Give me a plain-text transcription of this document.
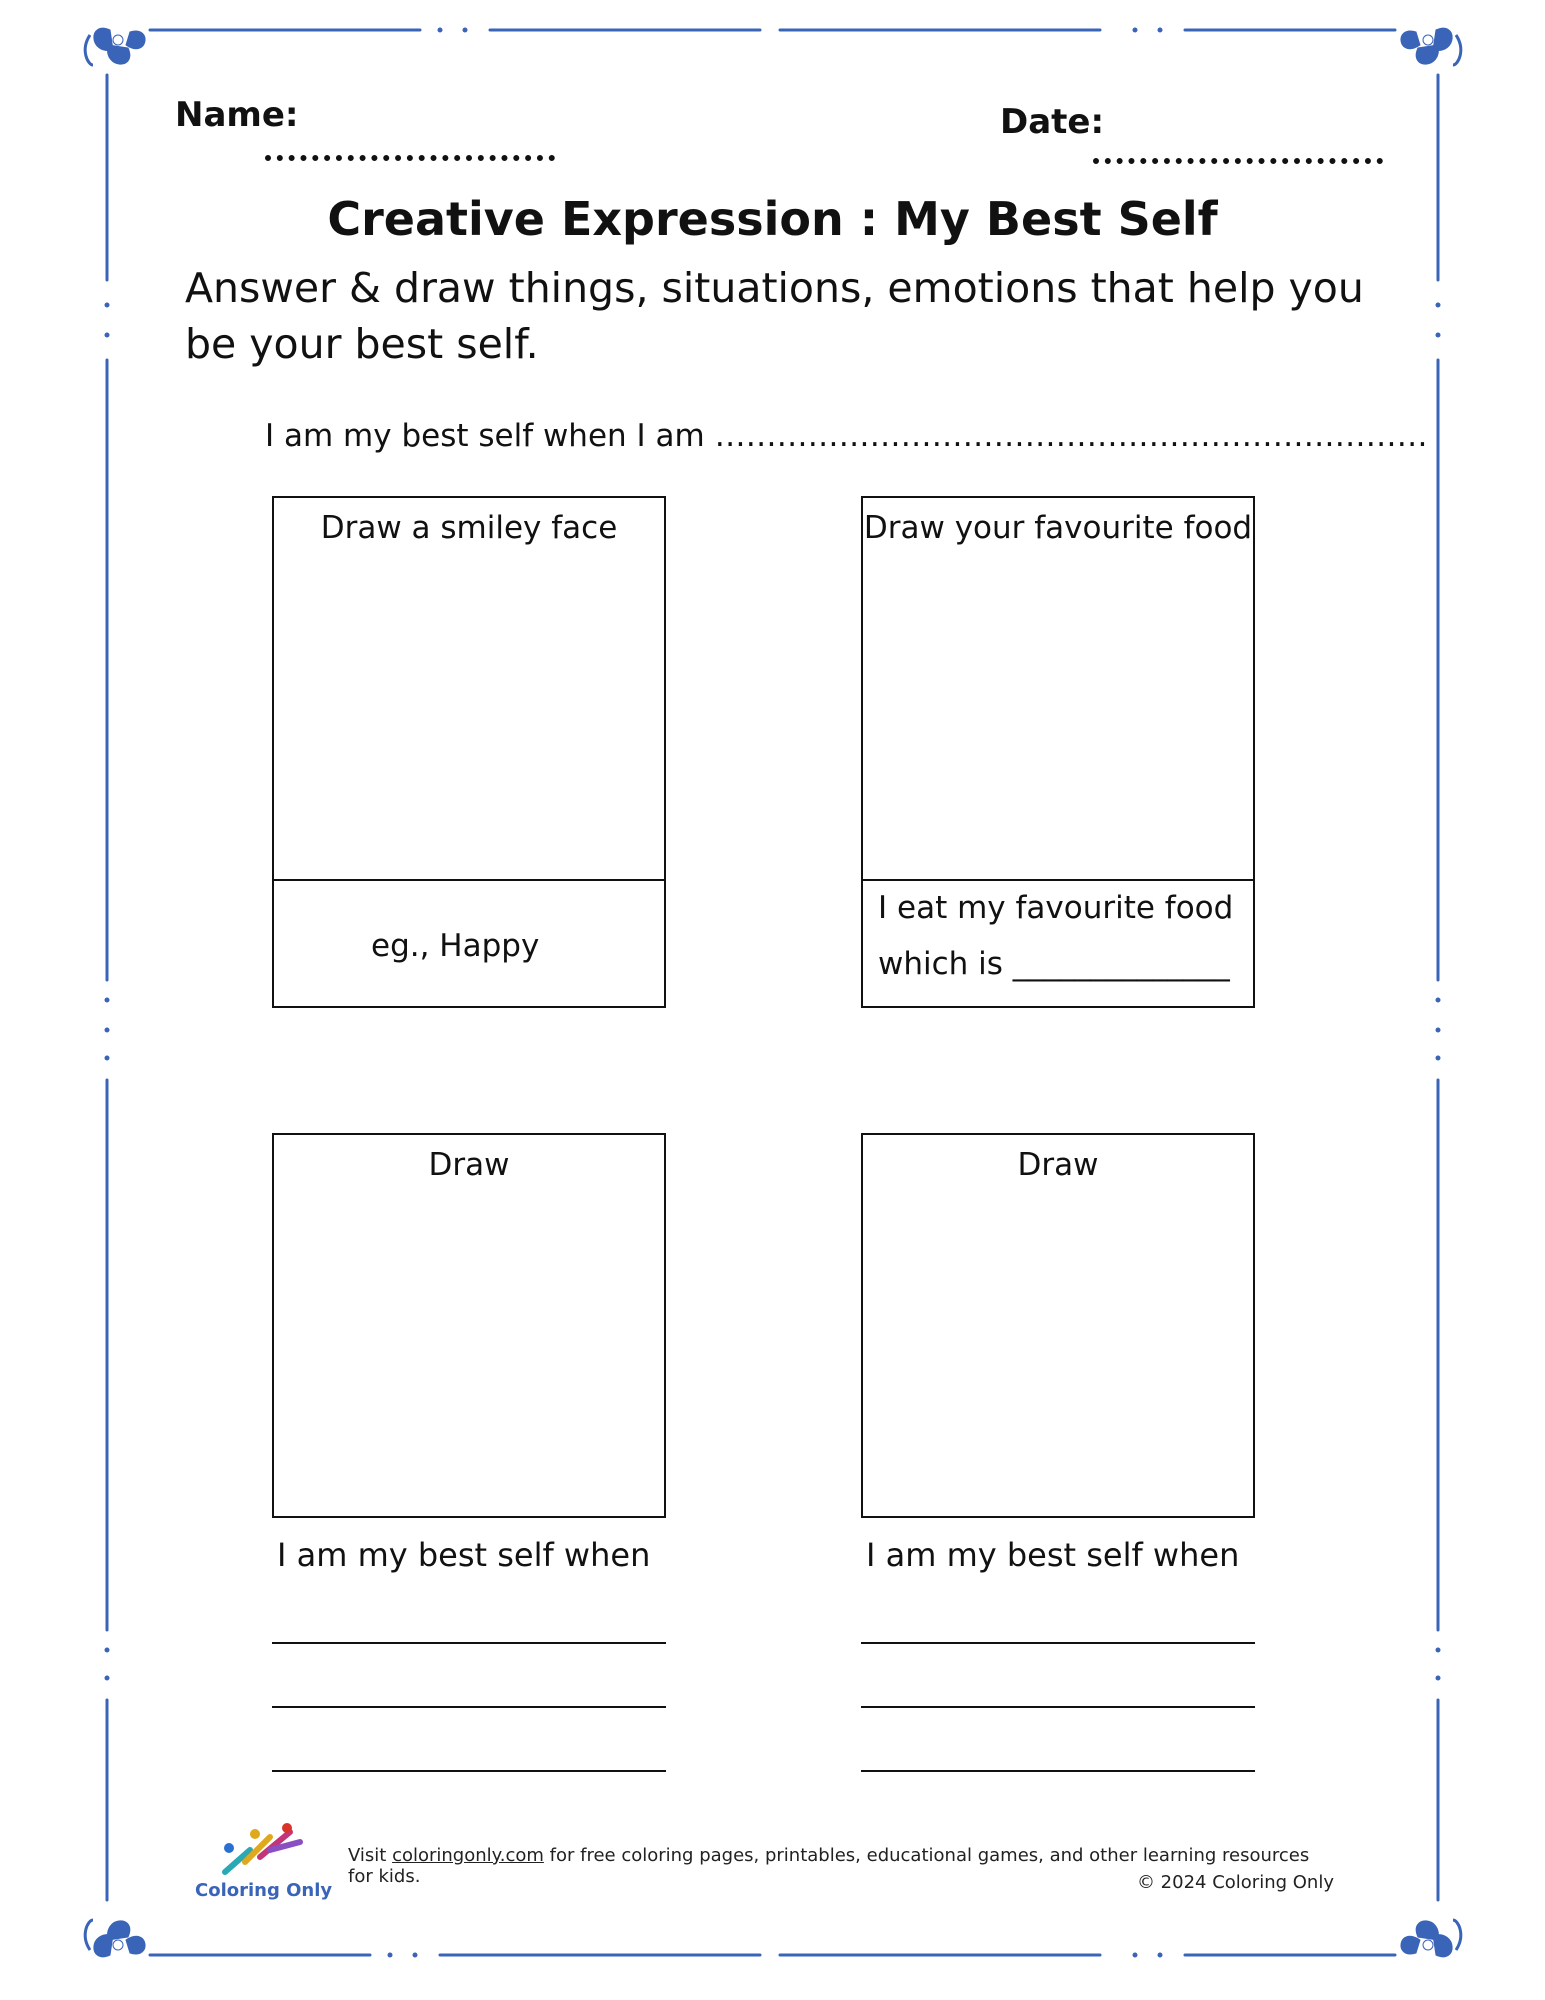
Name:	Date:
Creative Expression : My Best Self
Answer & draw things, situations, emotions that help you be your best self.
I am my best self when I am ……………………………………………………………
Draw a smiley face
eg., Happy
Draw your favourite food
I eat my favourite food
which is ______________
Draw
I am my best self when
Draw
I am my best self when
Coloring Only
Visit coloringonly.com for free coloring pages, printables, educational games, and other learning resources for kids.	© 2024 Coloring Only
